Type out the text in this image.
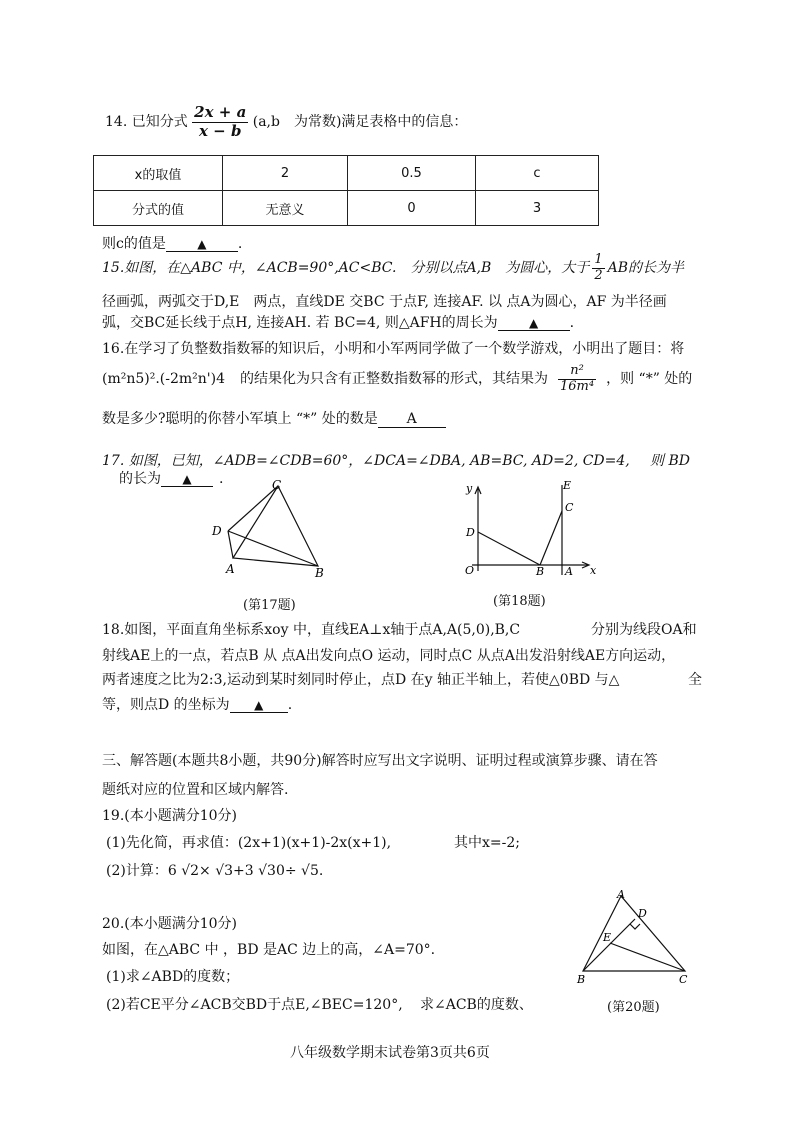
14. 已知分式 $\frac{2x + a}{x - b} (a,b$　为常数)满足表格中的信息：
x的取值	2	0.5	c
分式的值	无意义	0	3
则c的值是	▲ .
15.如图，在△ABC 中，∠ACB=90°,AC<BC.　分别以点A,B　为圆心，大于 $\frac{1}{2}$ AB的长为半
径画弧，两弧交于D,E　两点，直线DE 交BC 于点F, 连接AF. 以 点A为圆心，AF 为半径画
弧，交BC延长线于点H, 连接AH. 若 BC=4, 则△AFH的周长为	▲ .
16.在学习了负整数指数幂的知识后，小明和小军两同学做了一个数学游戏，小明出了题目：将
(m²n5)².(-2m²n')4 的结果化为只含有正整数指数幂的形式，其结果为 $\frac{\text{n²}}{\text{16m⁴}}$ ，则 “*” 处的
数是多少?聪明的你替小军填上 “*” 处的数是 A
17. 如图，已知，∠ADB=∠CDB=60°，∠DCA=∠DBA, AB=BC, AD=2, CD=4, 则 BD
的长为 ▲ .	C
D
A	B
(第17题)
y	E
C
D
O	B A x
(第18题)
18.如图，平面直角坐标系xoy 中，直线EA⊥x轴于点A,A(5,0),B,C	分别为线段OA和
射线AE上的一点，若点B 从 点A出发向点O 运动，同时点C 从点A出发沿射线AE方向运动，
两者速度之比为2:3,运动到某时刻同时停止，点D 在y 轴正半轴上，若使△0BD 与△	全
等，则点D 的坐标为 ▲ .
三、解答题(本题共8小题，共90分)解答时应写出文字说明、证明过程或演算步骤、请在答
题纸对应的位置和区域内解答.
19.(本小题满分10分)
(1)先化简，再求值：(2x+1)(x+1)-2x(x+1),	其中x=-2;
(2)计算：6 √2× √3+3 √30÷ √5.
20.(本小题满分10分)
如图，在△ABC 中 ，BD 是AC 边上的高，∠A=70°.
(1)求∠ABD的度数；
(2)若CE平分∠ACB交BD于点E,∠BEC=120°, 求∠ACB的度数、
A
D
E
B	C
(第20题)
八年级数学期末试卷第3页共6页
